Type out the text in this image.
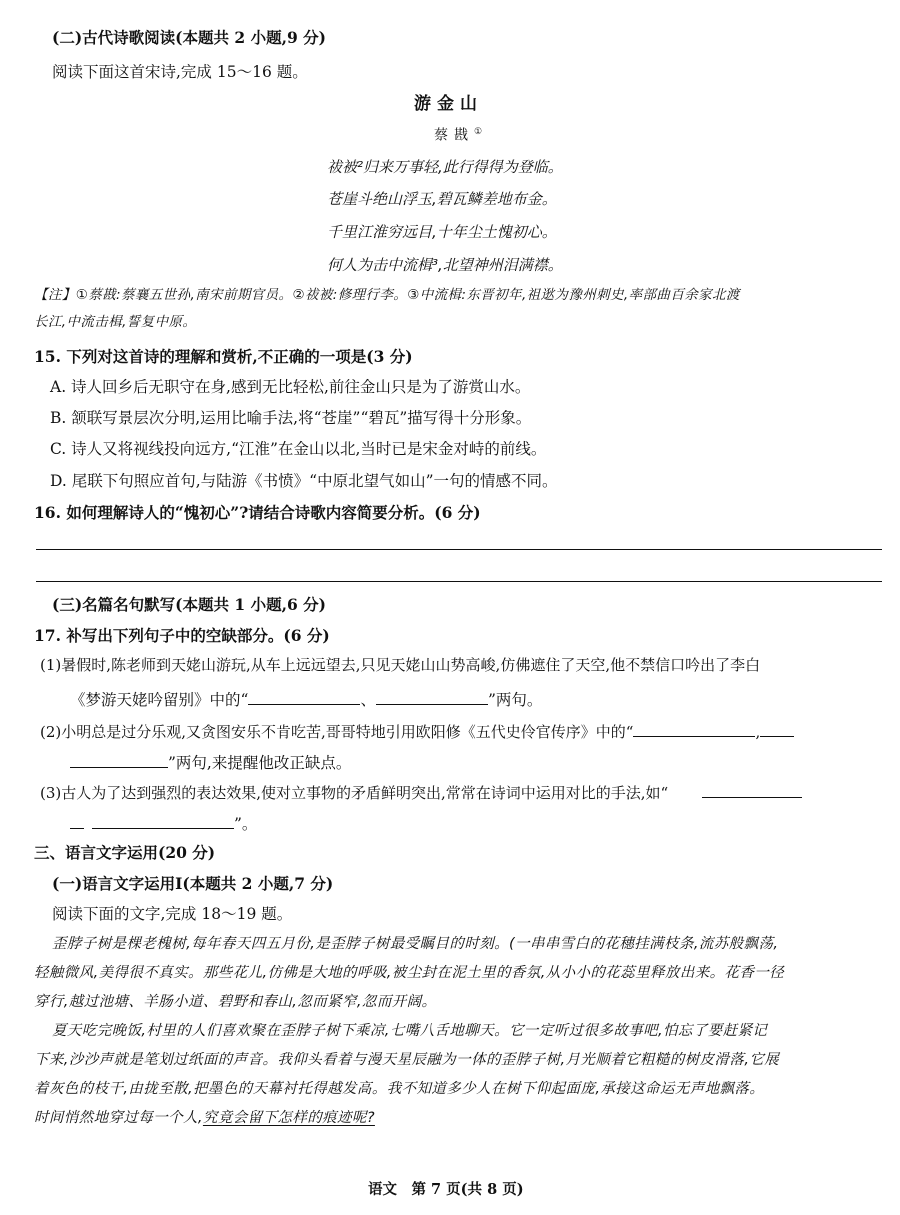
(二)古代诗歌阅读(本题共 2 小题,9 分)
阅读下面这首宋诗,完成 15～16 题。
游金山
蔡戡①
祓被²归来万事轻,此行得得为登临。
苍崖斗绝山浮玉,碧瓦鳞差地布金。
千里江淮穷远目,十年尘土愧初心。
何人为击中流楫³,北望神州泪满襟。
【注】①蔡戡:蔡襄五世孙,南宋前期官员。②祓被:修理行李。③中流楫:东晋初年,祖逖为豫州刺史,率部曲百余家北渡
长江,中流击楫,誓复中原。
15. 下列对这首诗的理解和赏析,不正确的一项是(3 分)
A. 诗人回乡后无职守在身,感到无比轻松,前往金山只是为了游赏山水。
B. 颔联写景层次分明,运用比喻手法,将“苍崖”“碧瓦”描写得十分形象。
C. 诗人又将视线投向远方,“江淮”在金山以北,当时已是宋金对峙的前线。
D. 尾联下句照应首句,与陆游《书愤》“中原北望气如山”一句的情感不同。
16. 如何理解诗人的“愧初心”?请结合诗歌内容简要分析。(6 分)
(三)名篇名句默写(本题共 1 小题,6 分)
17. 补写出下列句子中的空缺部分。(6 分)
(1)暑假时,陈老师到天姥山游玩,从车上远远望去,只见天姥山山势高峻,仿佛遮住了天空,他不禁信口吟出了李白
《梦游天姥吟留别》中的“	、	”两句。
(2)小明总是过分乐观,又贪图安乐不肯吃苦,哥哥特地引用欧阳修《五代史伶官传序》中的“	,
”两句,来提醒他改正缺点。
(3)古人为了达到强烈的表达效果,使对立事物的矛盾鲜明突出,常常在诗词中运用对比的手法,如“
”。
三、语言文字运用(20 分)
(一)语言文字运用Ⅰ(本题共 2 小题,7 分)
阅读下面的文字,完成 18～19 题。
歪脖子树是棵老槐树,每年春天四五月份,是歪脖子树最受瞩目的时刻。(一串串雪白的花穗挂满枝条,流苏般飘荡,
轻触微风,美得很不真实。那些花儿,仿佛是大地的呼吸,被尘封在泥土里的香氛,从小小的花蕊里释放出来。花香一径
穿行,越过池塘、羊肠小道、碧野和春山,忽而紧窄,忽而开阔。
夏天吃完晚饭,村里的人们喜欢聚在歪脖子树下乘凉,七嘴八舌地聊天。它一定听过很多故事吧,怕忘了要赶紧记
下来,沙沙声就是笔划过纸面的声音。我仰头看着与漫天星辰融为一体的歪脖子树,月光顺着它粗糙的树皮滑落,它展
着灰色的枝干,由拢至散,把墨色的天幕衬托得越发高。我不知道多少人在树下仰起面庞,承接这命运无声地飘落。
时间悄然地穿过每一个人,究竟会留下怎样的痕迹呢?
语文　第 7 页(共 8 页)
